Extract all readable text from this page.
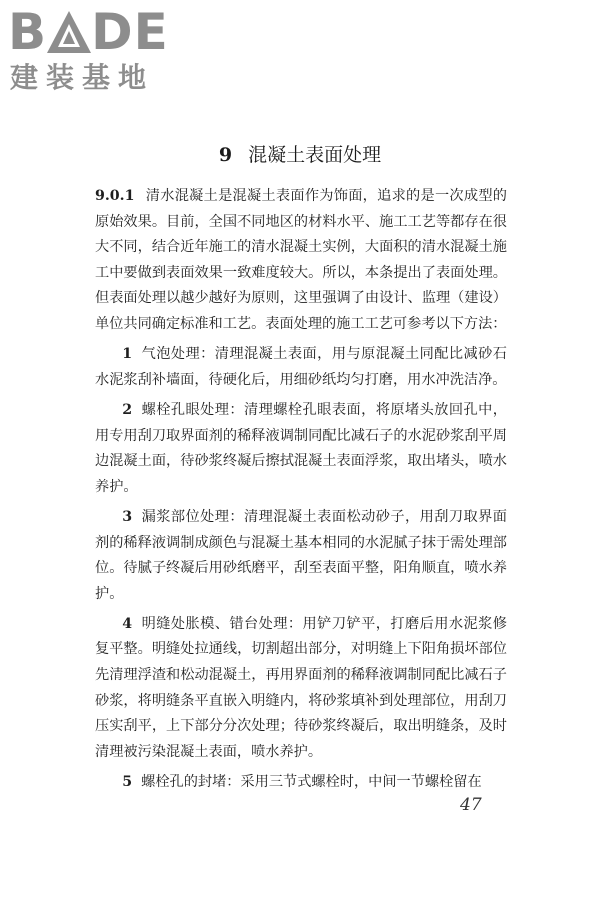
B DE
建装基地
9 混凝土表面处理

9.0.1 清水混凝土是混凝土表面作为饰面，追求的是一次成型的原始效果。目前，全国不同地区的材料水平、施工工艺等都存在很大不同，结合近年施工的清水混凝土实例，大面积的清水混凝土施工中要做到表面效果一致难度较大。所以，本条提出了表面处理。但表面处理以越少越好为原则，这里强调了由设计、监理（建设）单位共同确定标准和工艺。表面处理的施工工艺可参考以下方法：

1 气泡处理：清理混凝土表面，用与原混凝土同配比减砂石水泥浆刮补墙面，待硬化后，用细砂纸均匀打磨，用水冲洗洁净。

2 螺栓孔眼处理：清理螺栓孔眼表面，将原堵头放回孔中，用专用刮刀取界面剂的稀释液调制同配比减石子的水泥砂浆刮平周边混凝土面，待砂浆终凝后擦拭混凝土表面浮浆，取出堵头，喷水养护。

3 漏浆部位处理：清理混凝土表面松动砂子，用刮刀取界面剂的稀释液调制成颜色与混凝土基本相同的水泥腻子抹于需处理部位。待腻子终凝后用砂纸磨平，刮至表面平整，阳角顺直，喷水养护。

4 明缝处胀模、错台处理：用铲刀铲平，打磨后用水泥浆修复平整。明缝处拉通线，切割超出部分，对明缝上下阳角损坏部位先清理浮渣和松动混凝土，再用界面剂的稀释液调制同配比减石子砂浆，将明缝条平直嵌入明缝内，将砂浆填补到处理部位，用刮刀压实刮平，上下部分分次处理；待砂浆终凝后，取出明缝条，及时清理被污染混凝土表面，喷水养护。

5 螺栓孔的封堵：采用三节式螺栓时，中间一节螺栓留在

47
